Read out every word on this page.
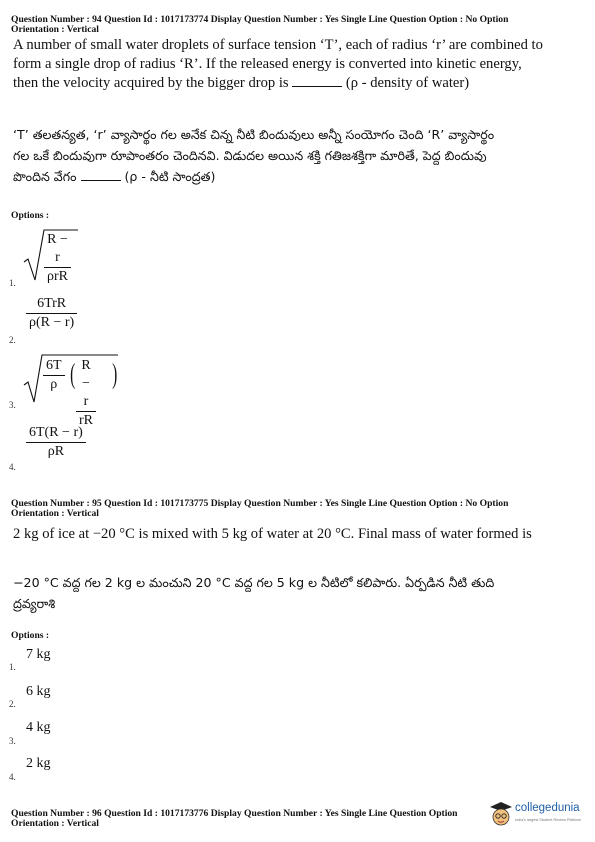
Question Number : 94 Question Id : 1017173774 Display Question Number : Yes Single Line Question Option : No Option
Orientation : Vertical
A number of small water droplets of surface tension ‘T’, each of radius ‘r’ are combined to
form a single drop of radius ‘R’. If the released energy is converted into kinetic energy,
then the velocity acquired by the bigger drop is	(ρ - density of water)
‘T’ తలతన్యత, ‘r’ వ్యాసార్థం గల అనేక చిన్న నీటి బిందువులు అన్నీ సంయోగం చెంది ‘R’ వ్యాసార్థం
గల ఒకే బిందువుగా రూపాంతరం చెందినవి. విడుదల అయిన శక్తి గతిజశక్తిగా మారితే, పెద్ద బిందువు
పొందిన వేగం	(ρ - నీటి సాంద్రత)
Options :
R − r
ρrR
1.
$\frac{\text{6TrR}}{\rho(R - r)}$
2.
$\frac{6T}{\rho}$ ( $\frac{R - r}{rR}$ )
3.
$\frac{6T(R - r)}{\rho R}$
4.
Question Number : 95 Question Id : 1017173775 Display Question Number : Yes Single Line Question Option : No Option
Orientation : Vertical
2 kg of ice at −20 °C is mixed with 5 kg of water at 20 °C. Final mass of water formed is
−20 °C వద్ద గల 2 kg ల మంచుని 20 °C వద్ద గల 5 kg ల నీటిలో కలిపారు. ఏర్పడిన నీటి తుది
ద్రవ్యరాశి
Options :
7 kg
1.
6 kg
2.
4 kg
3.
2 kg
4.
Question Number : 96 Question Id : 1017173776 Display Question Number : Yes Single Line Question Option
Orientation : Vertical
collegedunia
India's largest Student Review Platform
